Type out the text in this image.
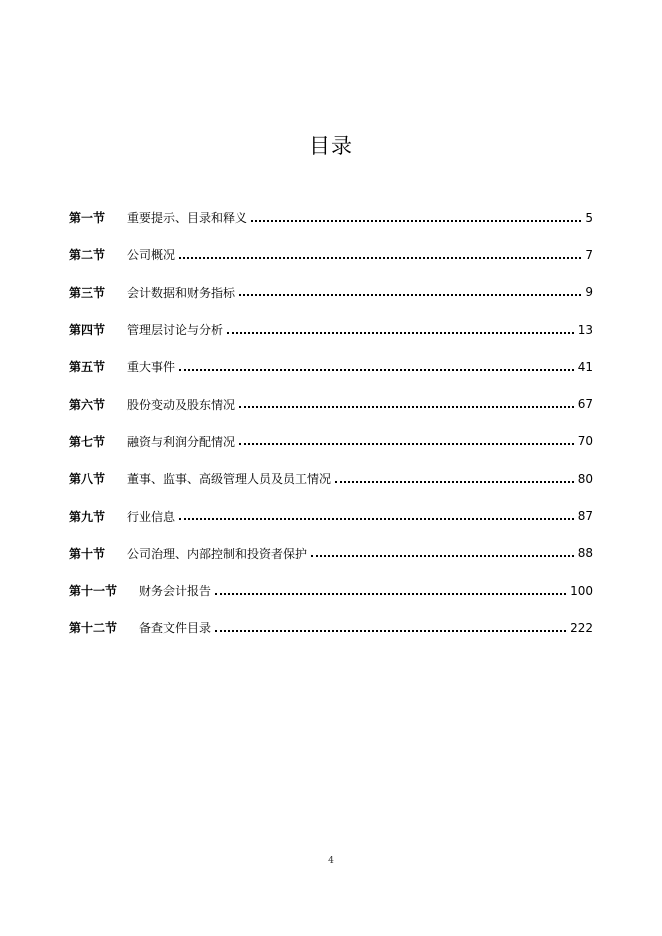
目录
第一节	重要提示、目录和释义	5
第二节	公司概况	7
第三节	会计数据和财务指标	9
第四节	管理层讨论与分析	13
第五节	重大事件	41
第六节	股份变动及股东情况	67
第七节	融资与利润分配情况	70
第八节	董事、监事、高级管理人员及员工情况	80
第九节	行业信息	87
第十节	公司治理、内部控制和投资者保护	88
第十一节	财务会计报告	100
第十二节	备查文件目录	222
4
